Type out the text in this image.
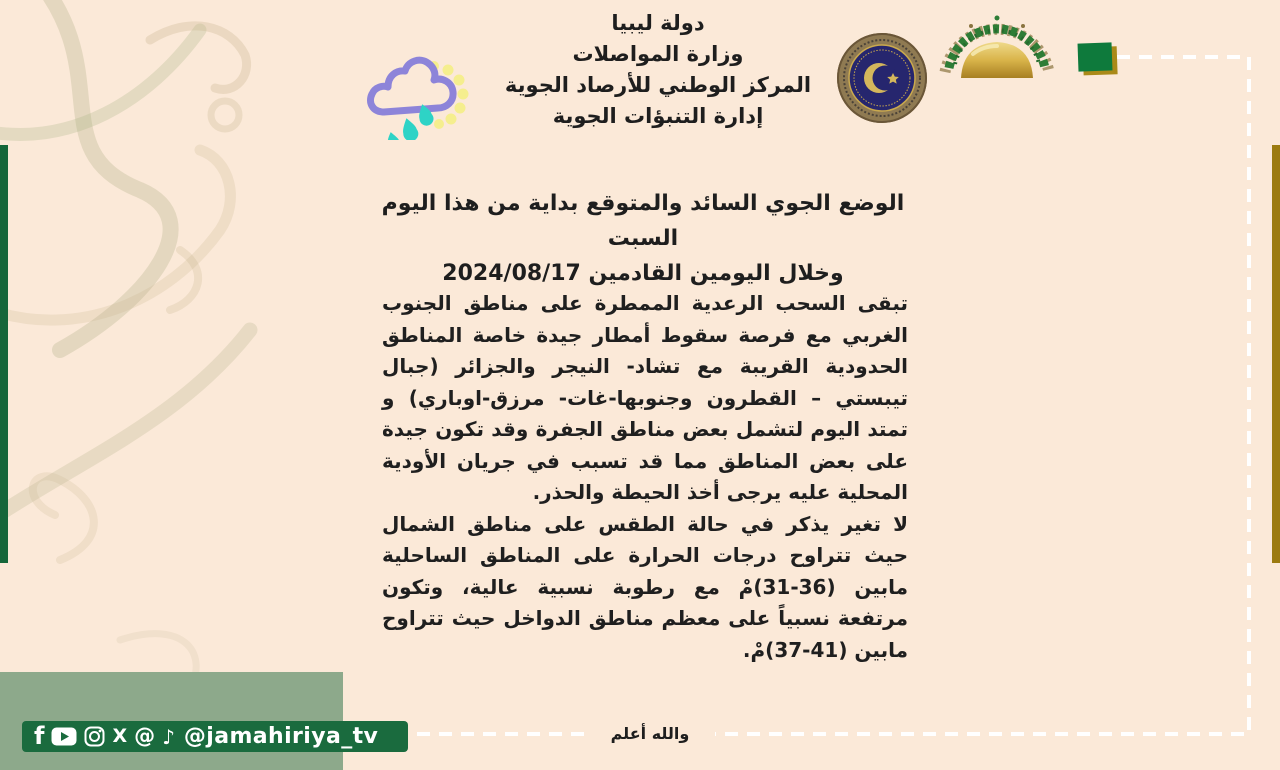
دولة ليبيا
وزارة المواصلات
المركز الوطني للأرصاد الجوية
إدارة التنبؤات الجوية
الوضع الجوي السائد والمتوقع بداية من هذا اليوم السبت
وخلال اليومين القادمين 2024/08/17

تبقى السحب الرعدية الممطرة على مناطق الجنوب الغربي مع فرصة سقوط أمطار جيدة خاصة المناطق الحدودية القريبة مع تشاد- النيجر والجزائر (جبال تيبستي – القطرون وجنوبها-غات- مرزق-اوباري) و تمتد اليوم لتشمل بعض مناطق الجفرة وقد تكون جيدة على بعض المناطق مما قد تسبب في جريان الأودية المحلية عليه يرجى أخذ الحيطة والحذر.

لا تغير يذكر في حالة الطقس على مناطق الشمال حيث تتراوح درجات الحرارة على المناطق الساحلية مابين (36-31)مْ مع رطوبة نسبية عالية، وتكون مرتفعة نسبياً على معظم مناطق الدواخل حيث تتراوح مابين (41-37)مْ.

f	X @ ♪ @jamahiriya_tv	والله أعلم
